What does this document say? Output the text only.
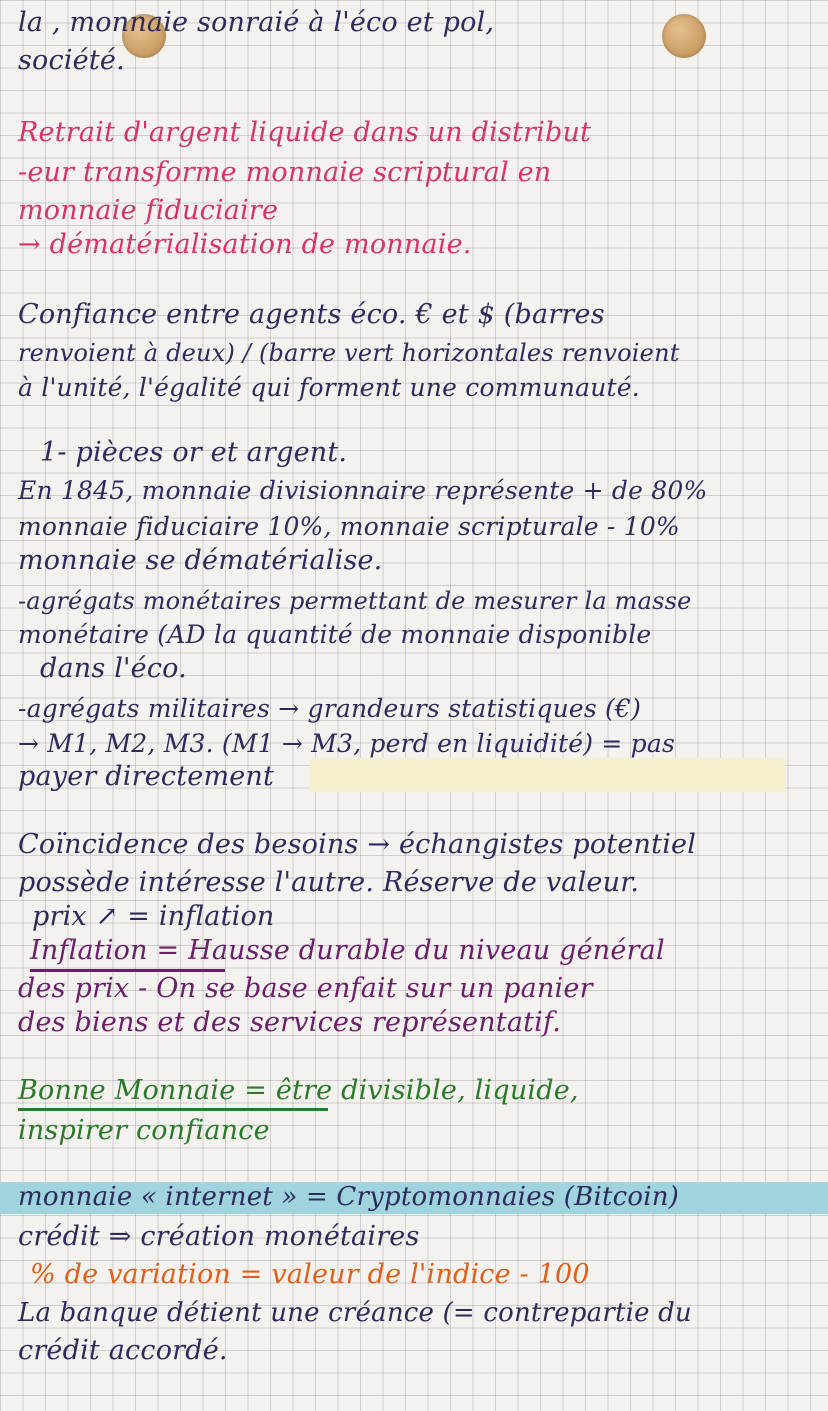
la , monnaie sonraié à l'éco et pol,
société.
Retrait d'argent liquide dans un distribut
-eur transforme monnaie scriptural en
monnaie fiduciaire
→ dématérialisation de monnaie.
Confiance entre agents éco. € et $ (barres
renvoient à deux) / (barre vert horizontales renvoient
à l'unité, l'égalité qui forment une communauté.
1- pièces or et argent.
En 1845, monnaie divisionnaire représente + de 80%
monnaie fiduciaire 10%, monnaie scripturale - 10%
monnaie se dématérialise.
-agrégats monétaires permettant de mesurer la masse
monétaire (AD la quantité de monnaie disponible
dans l'éco.
-agrégats militaires → grandeurs statistiques (€)
→ M1, M2, M3. (M1 → M3, perd en liquidité) = pas
payer directement
Coïncidence des besoins → échangistes potentiel
possède intéresse l'autre. Réserve de valeur.
prix ↗ = inflation
Inflation = Hausse durable du niveau général
des prix - On se base enfait sur un panier
des biens et des services représentatif.
Bonne Monnaie = être divisible, liquide,
inspirer confiance
monnaie « internet » = Cryptomonnaies (Bitcoin)
crédit ⇒ création monétaires
% de variation = valeur de l'indice - 100
La banque détient une créance (= contrepartie du
crédit accordé.
